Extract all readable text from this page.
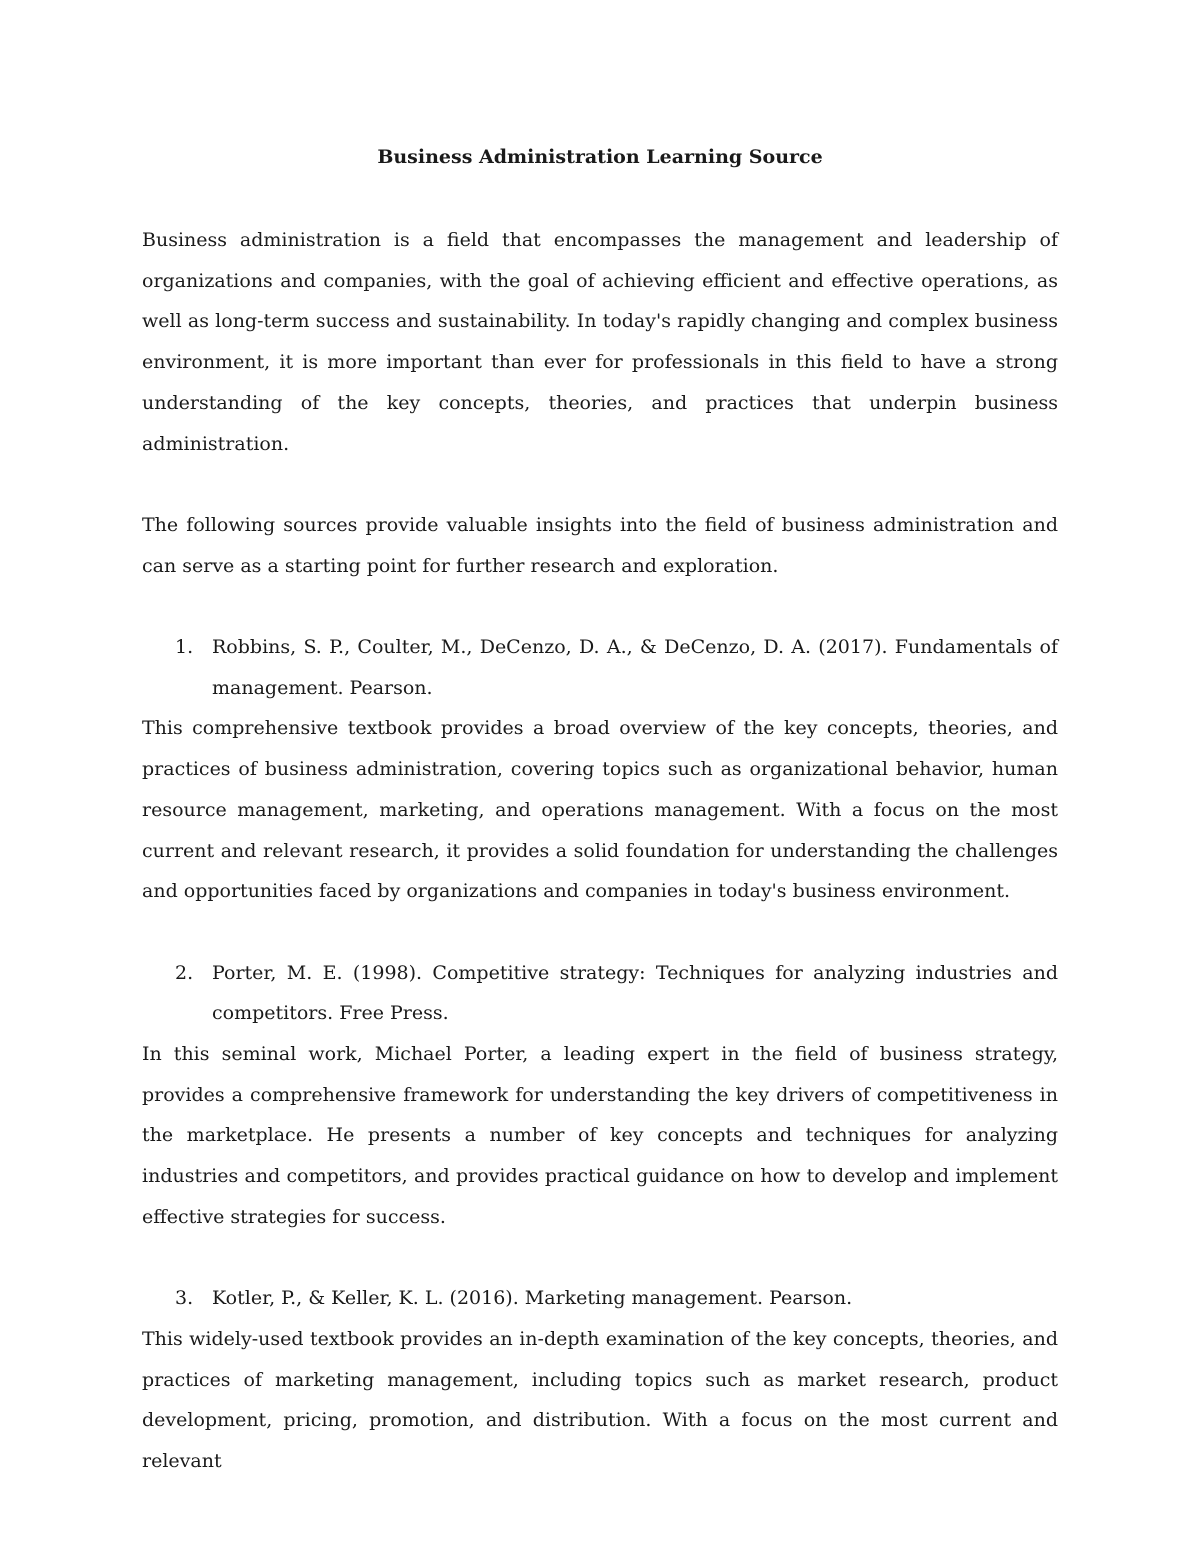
Business Administration Learning Source

Business administration is a field that encompasses the management and leadership of organizations and companies, with the goal of achieving efficient and effective operations, as well as long-term success and sustainability. In today's rapidly changing and complex business environment, it is more important than ever for professionals in this field to have a strong understanding of the key concepts, theories, and practices that underpin business administration.

The following sources provide valuable insights into the field of business administration and can serve as a starting point for further research and exploration.

1. Robbins, S. P., Coulter, M., DeCenzo, D. A., & DeCenzo, D. A. (2017). Fundamentals of management. Pearson.

This comprehensive textbook provides a broad overview of the key concepts, theories, and practices of business administration, covering topics such as organizational behavior, human resource management, marketing, and operations management. With a focus on the most current and relevant research, it provides a solid foundation for understanding the challenges and opportunities faced by organizations and companies in today's business environment.

2. Porter, M. E. (1998). Competitive strategy: Techniques for analyzing industries and competitors. Free Press.

In this seminal work, Michael Porter, a leading expert in the field of business strategy, provides a comprehensive framework for understanding the key drivers of competitiveness in the marketplace. He presents a number of key concepts and techniques for analyzing industries and competitors, and provides practical guidance on how to develop and implement effective strategies for success.

3. Kotler, P., & Keller, K. L. (2016). Marketing management. Pearson.

This widely-used textbook provides an in-depth examination of the key concepts, theories, and practices of marketing management, including topics such as market research, product development, pricing, promotion, and distribution. With a focus on the most current and relevant
